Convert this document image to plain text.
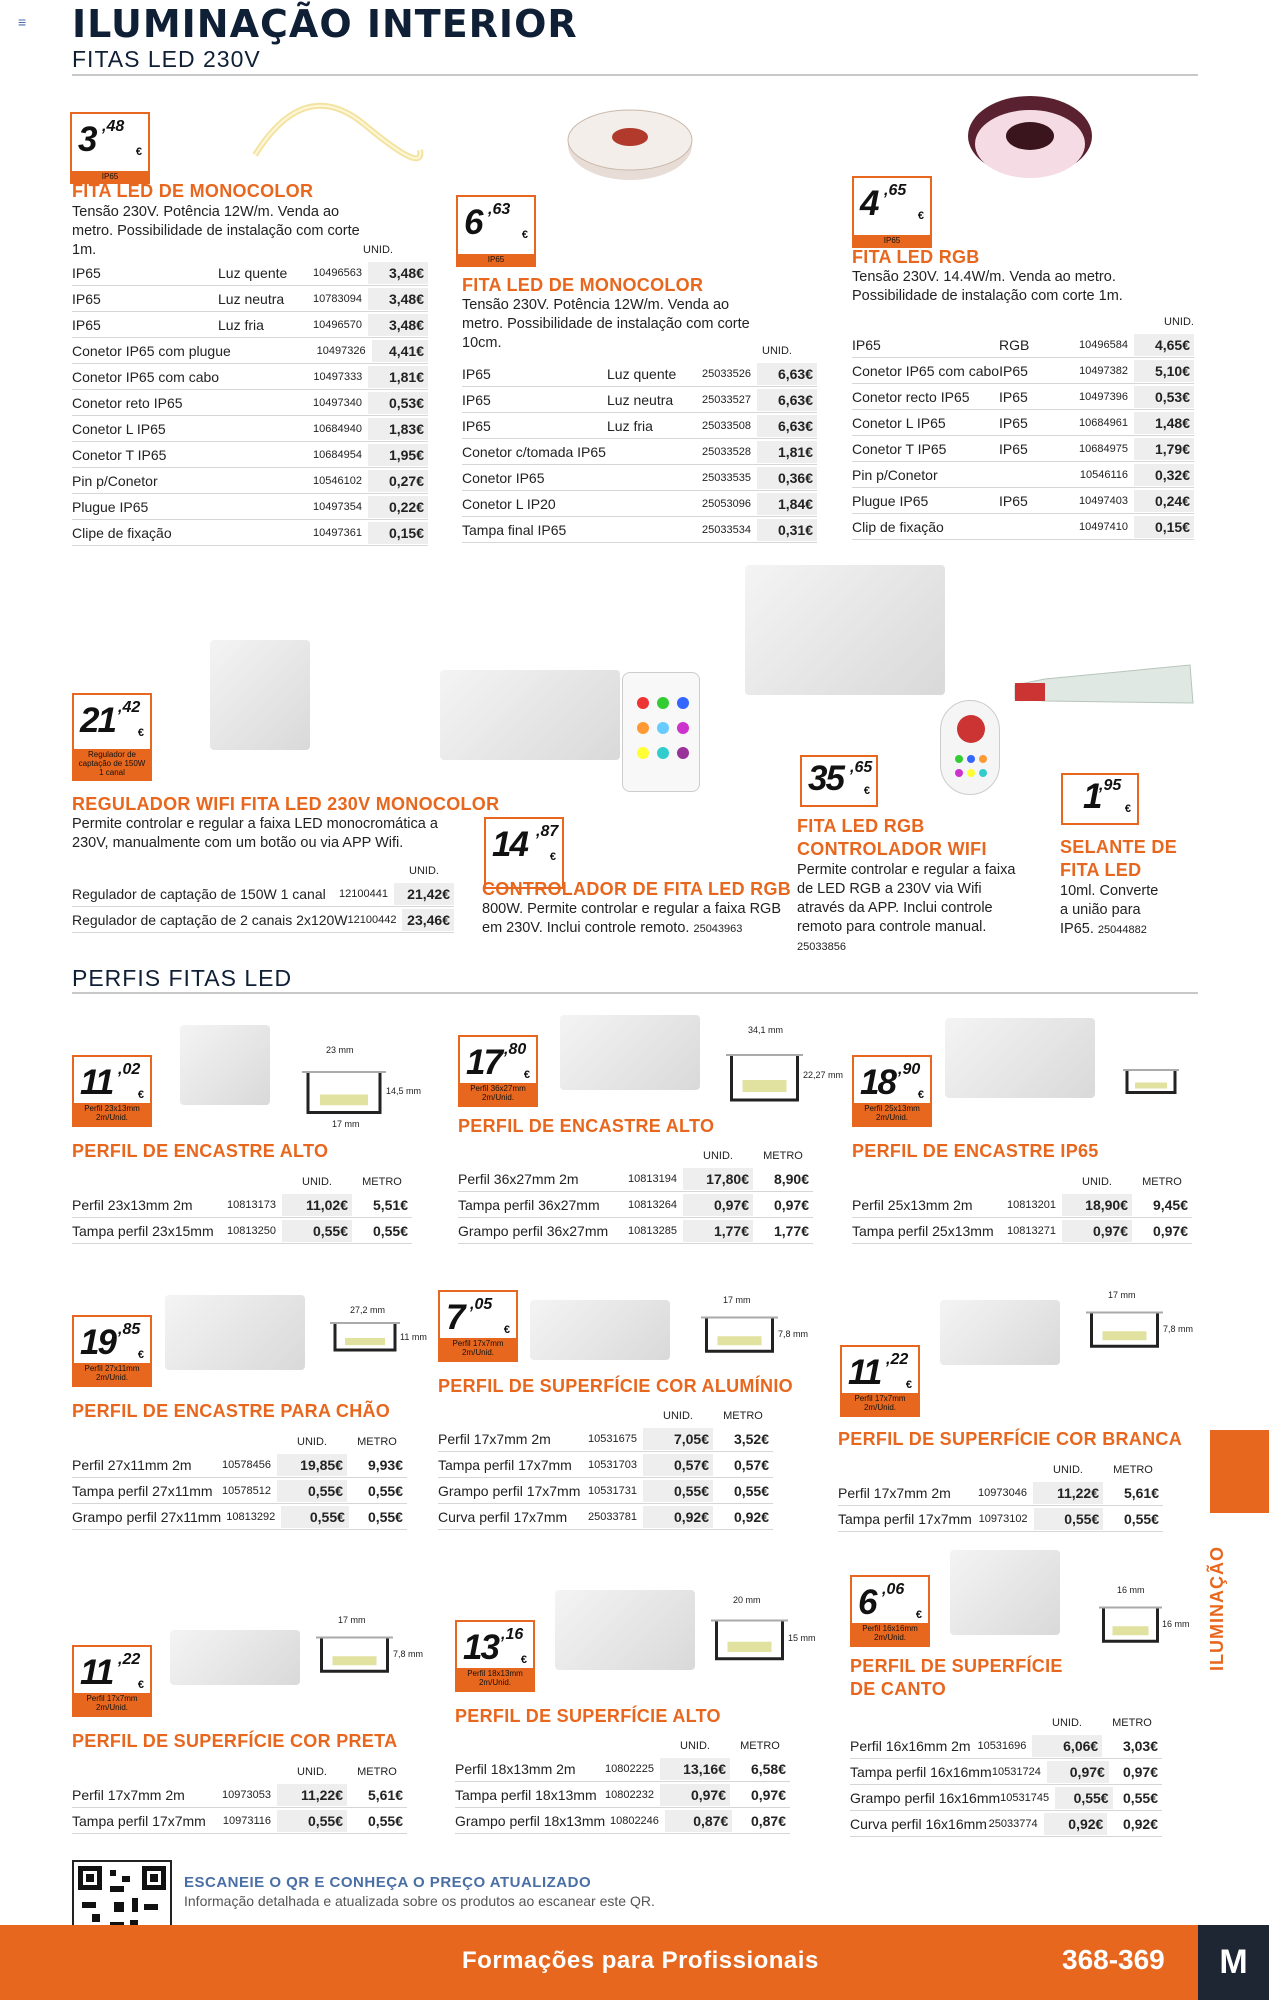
≡ ILUMINAÇÃO INTERIOR
FITAS LED 230V
3 ,48
€
IP65
FITA LED DE MONOCOLOR
Tensão 230V. Potência 12W/m. Venda ao metro. Possibilidade de instalação com corte 1m.	UNID.
IP65	Luz quente	10496563	3,48€
IP65	Luz neutra	10783094	3,48€
IP65	Luz fria	10496570	3,48€
Conetor IP65 com plugue	10497326	4,41€
Conetor IP65 com cabo	10497333	1,81€
Conetor reto IP65	10497340	0,53€
Conetor L IP65	10684940	1,83€
Conetor T IP65	10684954	1,95€
Pin p/Conetor	10546102	0,27€
Plugue IP65	10497354	0,22€
Clipe de fixação	10497361	0,15€
6 ,63
€
IP65
FITA LED DE MONOCOLOR
Tensão 230V. Potência 12W/m. Venda ao metro. Possibilidade de instalação com corte 10cm.	UNID.
IP65	Luz quente	25033526	6,63€
IP65	Luz neutra	25033527	6,63€
IP65	Luz fria	25033508	6,63€
Conetor c/tomada IP65	25033528	1,81€
Conetor IP65	25033535	0,36€
Conetor L IP20	25053096	1,84€
Tampa final IP65	25033534	0,31€
4 ,65
€
IP65
FITA LED RGB
Tensão 230V. 14.4W/m. Venda ao metro. Possibilidade de instalação com corte 1m.
UNID.
IP65	RGB	10496584	4,65€
Conetor IP65 com cabo IP65	10497382	5,10€
Conetor recto IP65	IP65	10497396	0,53€
Conetor L IP65	IP65	10684961	1,48€
Conetor T IP65	IP65	10684975	1,79€
Pin p/Conetor	10546116	0,32€
Plugue IP65	IP65	10497403	0,24€
Clip de fixação	10497410	0,15€
21 ,42
€
Regulador de captação de 150W 1 canal
REGULADOR WIFI FITA LED 230V MONOCOLOR
Permite controlar e regular a faixa LED monocromática a 230V, manualmente com um botão ou via APP Wifi.
UNID.
Regulador de captação de 150W 1 canal	12100441	21,42€
Regulador de captação de 2 canais 2x120W 12100442 23,46€
14 ,87
€
CONTROLADOR DE FITA LED RGB
800W. Permite controlar e regular a faixa RGB em 230V. Inclui controle remoto. 25043963
35 ,65
€
FITA LED RGB
CONTROLADOR WIFI
Permite controlar e regular a faixa de LED RGB a 230V via Wifi através da APP. Inclui controle remoto para controle manual. 25033856
1
,95
€
SELANTE DE
FITA LED
10ml. Converte a união para IP65. 25044882
PERFIS FITAS LED
11 ,02
€
Perfil 23x13mm 2m/Unid.
23 mm
14,5 mm
17 mm
PERFIL DE ENCASTRE ALTO
UNID.	METRO
Perfil 23x13mm 2m	10813173	11,02€	5,51€
Tampa perfil 23x15mm	10813250	0,55€	0,55€
17 ,80
€
Perfil 36x27mm 2m/Unid.
34,1 mm
22,27 mm
PERFIL DE ENCASTRE ALTO
UNID.	METRO
Perfil 36x27mm 2m	10813194	17,80€	8,90€
Tampa perfil 36x27mm	10813264	0,97€	0,97€
Grampo perfil 36x27mm	10813285	1,77€	1,77€
18 ,90
€
Perfil 25x13mm 2m/Unid.
PERFIL DE ENCASTRE IP65
UNID.	METRO
Perfil 25x13mm 2m	10813201	18,90€	9,45€
Tampa perfil 25x13mm	10813271	0,97€	0,97€
19 ,85
€
Perfil 27x11mm 2m/Unid.
27,2 mm
11 mm
PERFIL DE ENCASTRE PARA CHÃO
UNID.	METRO
Perfil 27x11mm 2m	10578456	19,85€	9,93€
Tampa perfil 27x11mm 10578512	0,55€	0,55€
Grampo perfil 27x11mm 10813292	0,55€	0,55€
7 ,05
€
Perfil 17x7mm 2m/Unid.
17 mm
7,8 mm
PERFIL DE SUPERFÍCIE COR ALUMÍNIO
UNID.	METRO
Perfil 17x7mm 2m	10531675	7,05€	3,52€
Tampa perfil 17x7mm	10531703	0,57€	0,57€
Grampo perfil 17x7mm 10531731	0,55€	0,55€
Curva perfil 17x7mm	25033781	0,92€	0,92€
11 ,22
€
Perfil 17x7mm 2m/Unid.
17 mm
7,8 mm
PERFIL DE SUPERFÍCIE COR BRANCA
UNID.	METRO
Perfil 17x7mm 2m	10973046	11,22€	5,61€
Tampa perfil 17x7mm 10973102	0,55€	0,55€
11 ,22
€
Perfil 17x7mm 2m/Unid.
17 mm
7,8 mm
PERFIL DE SUPERFÍCIE COR PRETA
UNID.	METRO
Perfil 17x7mm 2m	10973053	11,22€	5,61€
Tampa perfil 17x7mm	10973116	0,55€	0,55€
13 ,16
€
Perfil 18x13mm 2m/Unid.
20 mm
15 mm
PERFIL DE SUPERFÍCIE ALTO
UNID.	METRO
Perfil 18x13mm 2m	10802225	13,16€	6,58€
Tampa perfil 18x13mm 10802232	0,97€	0,97€
Grampo perfil 18x13mm 10802246	0,87€	0,87€
6 ,06
€
Perfil 16x16mm 2m/Unid.
16 mm
16 mm
PERFIL DE SUPERFÍCIE DE CANTO
UNID.	METRO
Perfil 16x16mm 2m 10531696	6,06€	3,03€
Tampa perfil 16x16mm 10531724	0,97€	0,97€
Grampo perfil 16x16mm 10531745	0,55€	0,55€
Curva perfil 16x16mm 25033774	0,92€	0,92€
ILUMINAÇÃO
ESCANEIE O QR E CONHEÇA O PREÇO ATUALIZADO
Informação detalhada e atualizada sobre os produtos ao escanear este QR.
Formações para Profissionais	368-369	M
